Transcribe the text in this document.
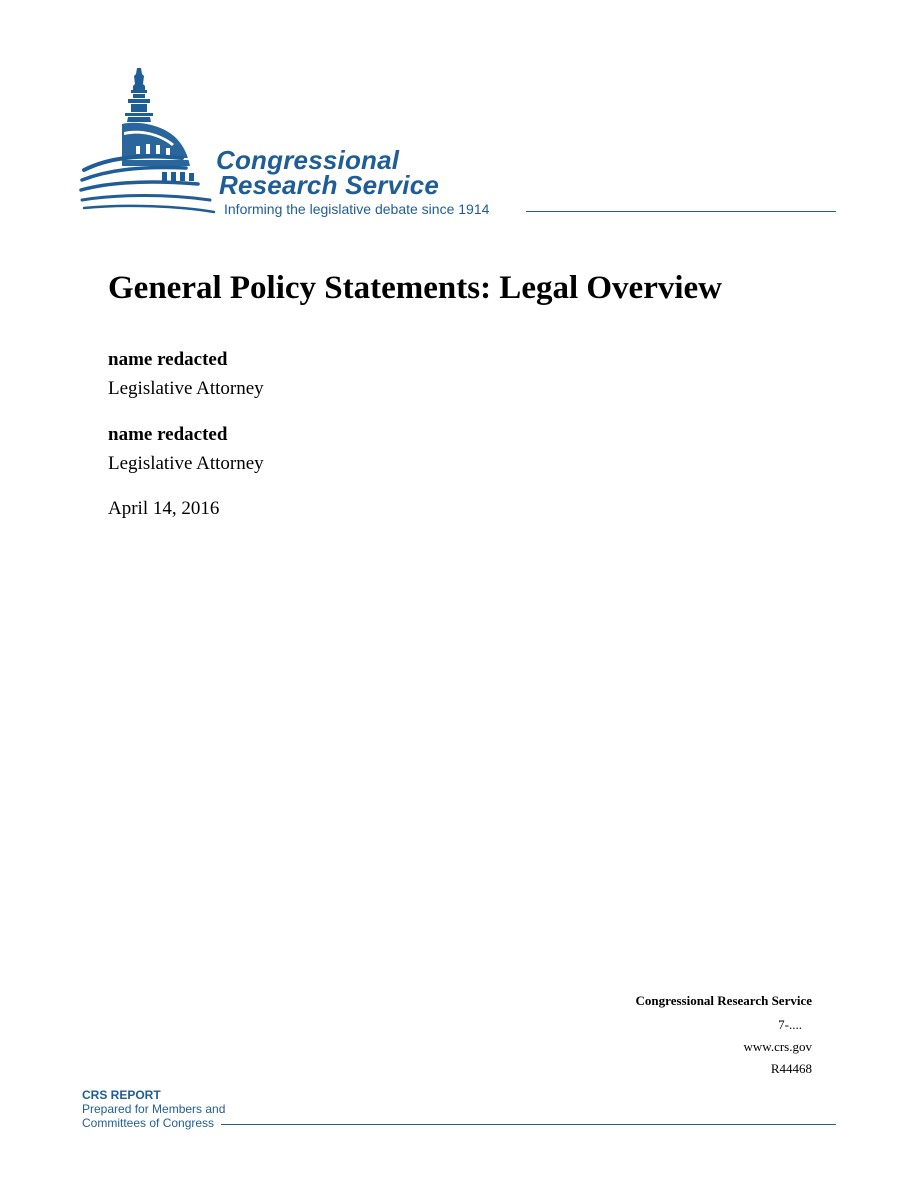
Congressional
Research Service
Informing the legislative debate since 1914
General Policy Statements: Legal Overview
name redacted
Legislative Attorney
name redacted
Legislative Attorney
April 14, 2016
Congressional Research Service
7-....
www.crs.gov
R44468
CRS REPORT
Prepared for Members and
Committees of Congress
